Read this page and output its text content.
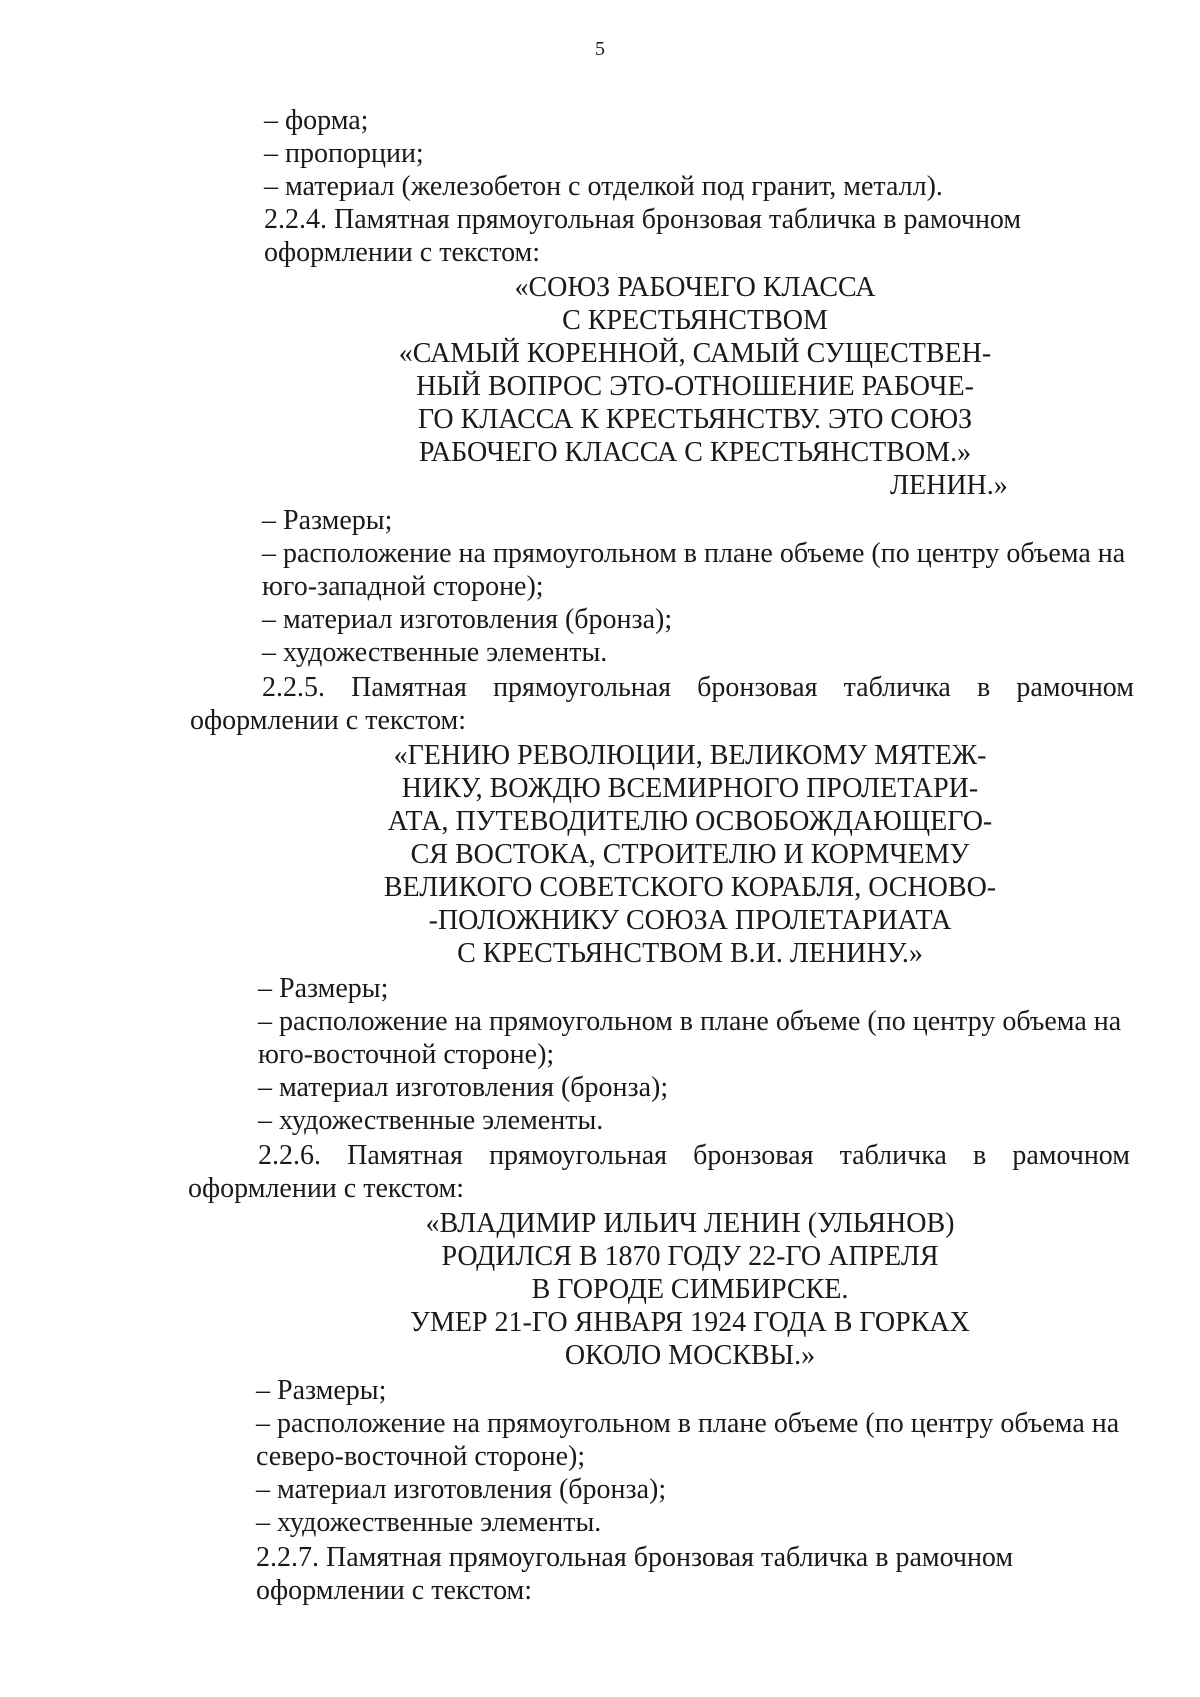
5
– форма;
– пропорции;
– материал (железобетон с отделкой под гранит, металл).
2.2.4. Памятная прямоугольная бронзовая табличка в рамочном
оформлении с текстом:
«СОЮЗ РАБОЧЕГО КЛАССА
С КРЕСТЬЯНСТВОМ
«САМЫЙ КОРЕННОЙ, САМЫЙ СУЩЕСТВЕН-
НЫЙ ВОПРОС ЭТО-ОТНОШЕНИЕ РАБОЧЕ-
ГО КЛАССА К КРЕСТЬЯНСТВУ. ЭТО СОЮЗ
РАБОЧЕГО КЛАССА С КРЕСТЬЯНСТВОМ.»
ЛЕНИН.»
– Размеры;
– расположение на прямоугольном в плане объеме (по центру объема на
юго-западной стороне);
– материал изготовления (бронза);
– художественные элементы.
2.2.5. Памятная прямоугольная бронзовая табличка в рамочном
оформлении с текстом:
«ГЕНИЮ РЕВОЛЮЦИИ, ВЕЛИКОМУ МЯТЕЖ-
НИКУ, ВОЖДЮ ВСЕМИРНОГО ПРОЛЕТАРИ-
АТА, ПУТЕВОДИТЕЛЮ ОСВОБОЖДАЮЩЕГО-
СЯ ВОСТОКА, СТРОИТЕЛЮ И КОРМЧЕМУ
ВЕЛИКОГО СОВЕТСКОГО КОРАБЛЯ, ОСНОВО-
-ПОЛОЖНИКУ СОЮЗА ПРОЛЕТАРИАТА
С КРЕСТЬЯНСТВОМ В.И. ЛЕНИНУ.»
– Размеры;
– расположение на прямоугольном в плане объеме (по центру объема на
юго-восточной стороне);
– материал изготовления (бронза);
– художественные элементы.
2.2.6. Памятная прямоугольная бронзовая табличка в рамочном
оформлении с текстом:
«ВЛАДИМИР ИЛЬИЧ ЛЕНИН (УЛЬЯНОВ)
РОДИЛСЯ В 1870 ГОДУ 22-ГО АПРЕЛЯ
В ГОРОДЕ СИМБИРСКЕ.
УМЕР 21-ГО ЯНВАРЯ 1924 ГОДА В ГОРКАХ
ОКОЛО МОСКВЫ.»
– Размеры;
– расположение на прямоугольном в плане объеме (по центру объема на
северо-восточной стороне);
– материал изготовления (бронза);
– художественные элементы.
2.2.7. Памятная прямоугольная бронзовая табличка в рамочном
оформлении с текстом:
